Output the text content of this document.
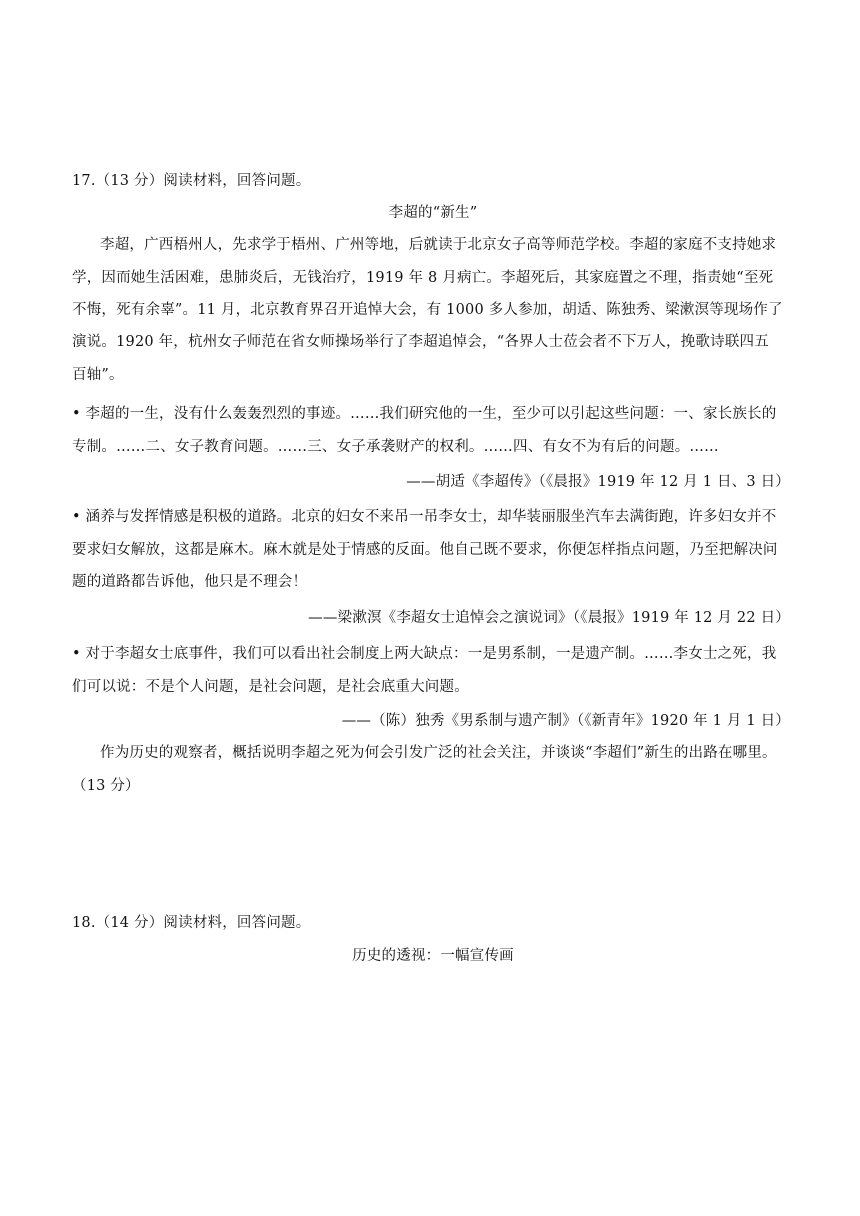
17.（13 分）阅读材料，回答问题。
李超的“新生”
李超，广西梧州人，先求学于梧州、广州等地，后就读于北京女子高等师范学校。李超的家庭不支持她求
学，因而她生活困难，患肺炎后，无钱治疗，1919 年 8 月病亡。李超死后，其家庭置之不理，指责她“至死
不悔，死有余辜”。11 月，北京教育界召开追悼大会，有 1000 多人参加，胡适、陈独秀、梁漱溟等现场作了
演说。1920 年，杭州女子师范在省女师操场举行了李超追悼会，“各界人士莅会者不下万人，挽歌诗联四五
百轴”。
• 李超的一生，没有什么轰轰烈烈的事迹。……我们研究他的一生，至少可以引起这些问题：一、家长族长的
专制。……二、女子教育问题。……三、女子承袭财产的权利。……四、有女不为有后的问题。……
——胡适《李超传》（《晨报》1919 年 12 月 1 日、3 日）
• 涵养与发挥情感是积极的道路。北京的妇女不来吊一吊李女士，却华装丽服坐汽车去满街跑，许多妇女并不
要求妇女解放，这都是麻木。麻木就是处于情感的反面。他自己既不要求，你便怎样指点问题，乃至把解决问
题的道路都告诉他，他只是不理会！
——梁漱溟《李超女士追悼会之演说词》（《晨报》1919 年 12 月 22 日）
• 对于李超女士底事件，我们可以看出社会制度上两大缺点：一是男系制，一是遗产制。……李女士之死，我
们可以说：不是个人问题，是社会问题，是社会底重大问题。
——（陈）独秀《男系制与遗产制》（《新青年》1920 年 1 月 1 日）
作为历史的观察者，概括说明李超之死为何会引发广泛的社会关注，并谈谈“李超们”新生的出路在哪里。
（13 分）
18.（14 分）阅读材料，回答问题。
历史的透视：一幅宣传画
